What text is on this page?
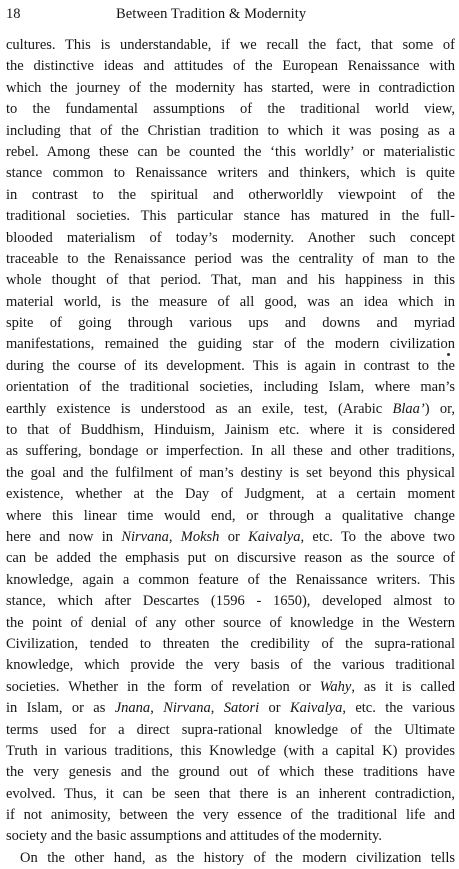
18	Between Tradition & Modernity
cultures. This is understandable, if we recall the fact, that some of
the distinctive ideas and attitudes of the European Renaissance with
which the journey of the modernity has started, were in contradiction
to the fundamental assumptions of the traditional world view,
including that of the Christian tradition to which it was posing as a
rebel. Among these can be counted the ‘this worldly’ or materialistic
stance common to Renaissance writers and thinkers, which is quite
in contrast to the spiritual and otherworldly viewpoint of the
traditional societies. This particular stance has matured in the full-
blooded materialism of today’s modernity. Another such concept
traceable to the Renaissance period was the centrality of man to the
whole thought of that period. That, man and his happiness in this
material world, is the measure of all good, was an idea which in
spite of going through various ups and downs and myriad
manifestations, remained the guiding star of the modern civilization
during the course of its development. This is again in contrast to the
orientation of the traditional societies, including Islam, where man’s
earthly existence is understood as an exile, test, (Arabic Blaa’) or,
to that of Buddhism, Hinduism, Jainism etc. where it is considered
as suffering, bondage or imperfection. In all these and other traditions,
the goal and the fulfilment of man’s destiny is set beyond this physical
existence, whether at the Day of Judgment, at a certain moment
where this linear time would end, or through a qualitative change
here and now in Nirvana, Moksh or Kaivalya, etc. To the above two
can be added the emphasis put on discursive reason as the source of
knowledge, again a common feature of the Renaissance writers. This
stance, which after Descartes (1596 - 1650), developed almost to
the point of denial of any other source of knowledge in the Western
Civilization, tended to threaten the credibility of the supra-rational
knowledge, which provide the very basis of the various traditional
societies. Whether in the form of revelation or Wahy, as it is called
in Islam, or as Jnana, Nirvana, Satori or Kaivalya, etc. the various
terms used for a direct supra-rational knowledge of the Ultimate
Truth in various traditions, this Knowledge (with a capital K) provides
the very genesis and the ground out of which these traditions have
evolved. Thus, it can be seen that there is an inherent contradiction,
if not animosity, between the very essence of the traditional life and
society and the basic assumptions and attitudes of the modernity.
On the other hand, as the history of the modern civilization tells
